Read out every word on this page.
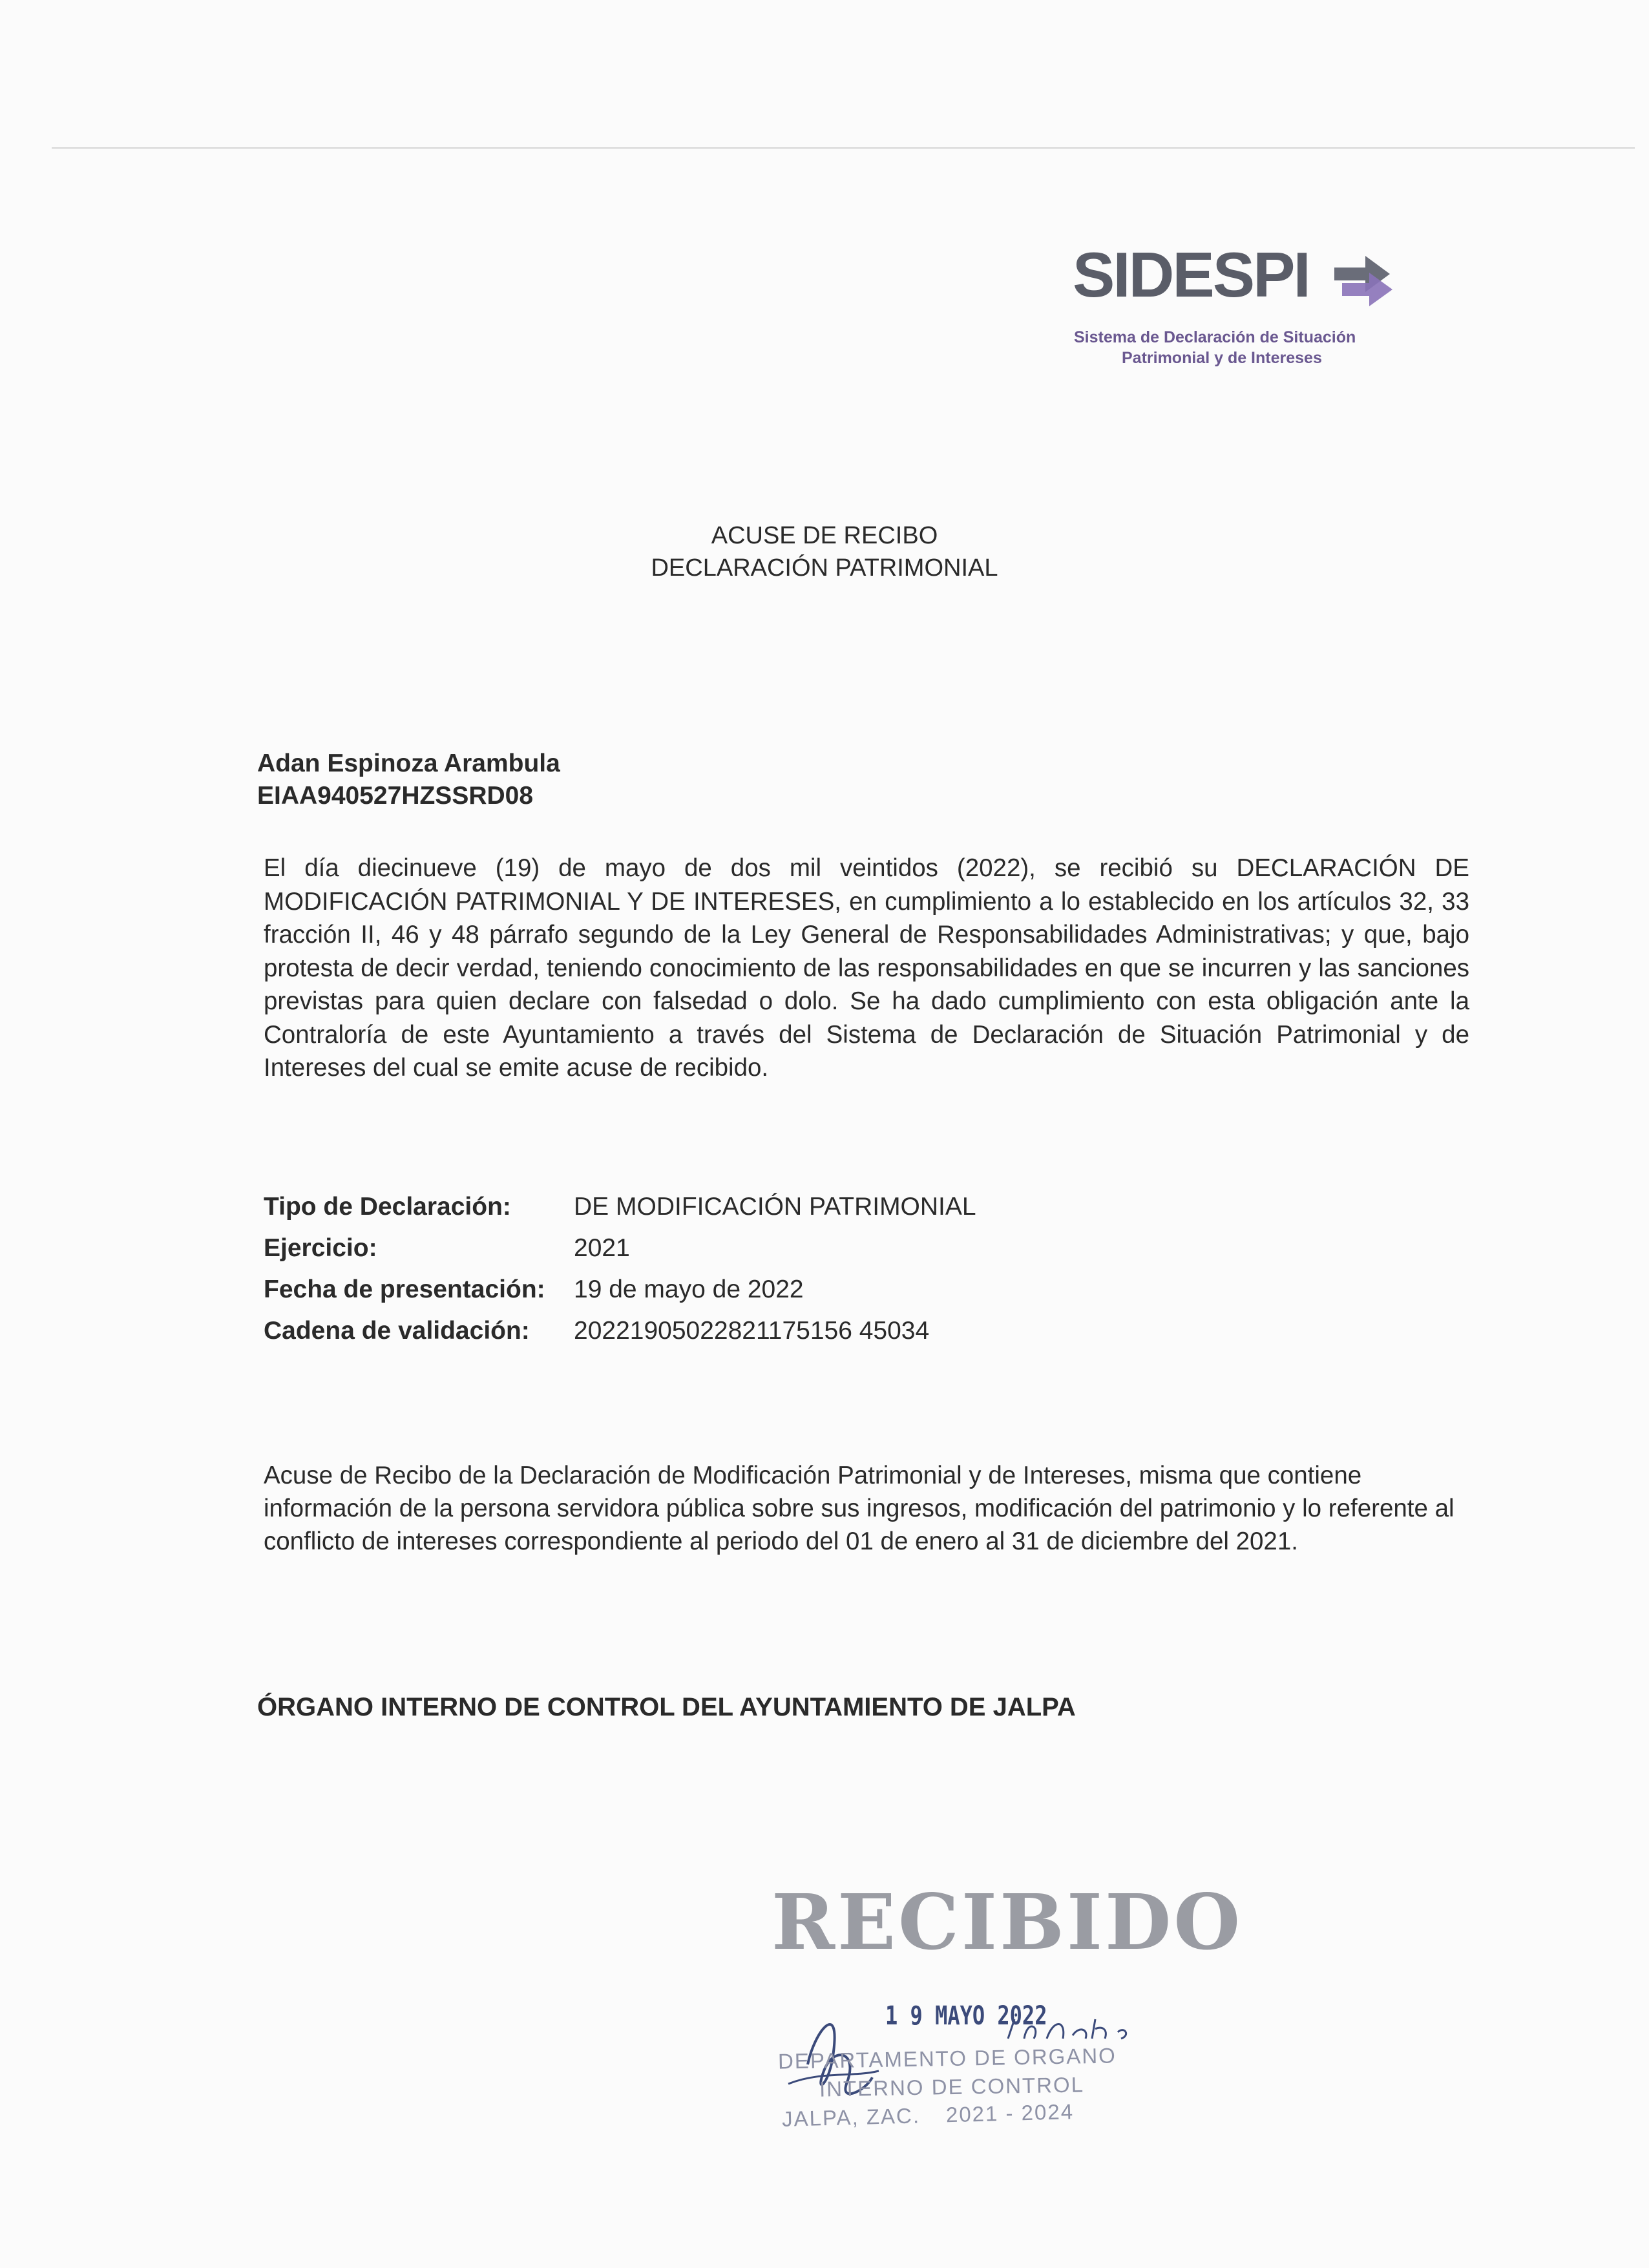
SIDESPI
Sistema de Declaración de Situación
Patrimonial y de Intereses
ACUSE DE RECIBO
DECLARACIÓN PATRIMONIAL
Adan Espinoza Arambula
EIAA940527HZSSRD08
El día diecinueve (19) de mayo de dos mil veintidos (2022), se recibió su DECLARACIÓN DE MODIFICACIÓN PATRIMONIAL Y DE INTERESES, en cumplimiento a lo establecido en los artículos 32, 33 fracción II, 46 y 48 párrafo segundo de la Ley General de Responsabilidades Administrativas; y que, bajo protesta de decir verdad, teniendo conocimiento de las responsabilidades en que se incurren y las sanciones previstas para quien declare con falsedad o dolo. Se ha dado cumplimiento con esta obligación ante la Contraloría de este Ayuntamiento a través del Sistema de Declaración de Situación Patrimonial y de Intereses del cual se emite acuse de recibido.
Tipo de Declaración: DE MODIFICACIÓN PATRIMONIAL
Ejercicio:	2021
Fecha de presentación: 19 de mayo de 2022
Cadena de validación: 20221905022821175156 45034
Acuse de Recibo de la Declaración de Modificación Patrimonial y de Intereses, misma que contiene información de la persona servidora pública sobre sus ingresos, modificación del patrimonio y lo referente al conflicto de intereses correspondiente al periodo del 01 de enero al 31 de diciembre del 2021.
ÓRGANO INTERNO DE CONTROL DEL AYUNTAMIENTO DE JALPA
RECIBIDO
1 9 MAYO 2022
DEPARTAMENTO DE ORGANO
INTERNO DE CONTROL
JALPA, ZAC. 2021 - 2024
